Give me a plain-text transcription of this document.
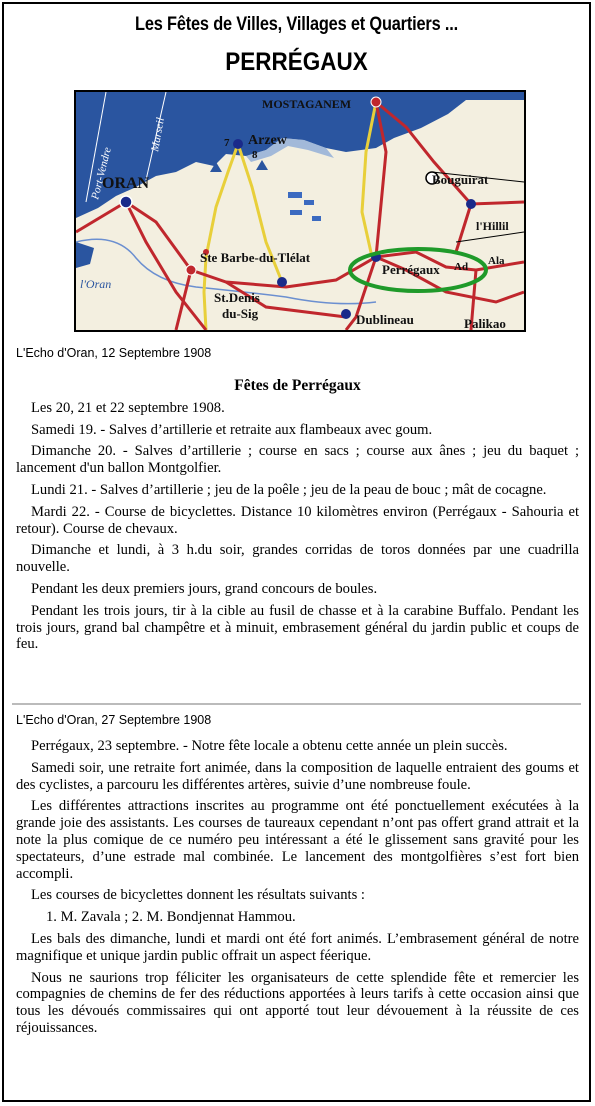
Les Fêtes de Villes, Villages et Quartiers ...
PERRÉGAUX
MOSTAGANEM
Arzew
7
8
ORAN	Bouguirat
l'Hillil
Ste Barbe-du-Tlélat
Perrégaux
St.Denis
du-Sig	Dublineau	Palikao
Ad Ala
Port-Vendre
Marseil
l'Oran
L'Echo d'Oran, 12 Septembre 1908
Fêtes de Perrégaux

Les 20, 21 et 22 septembre 1908.

Samedi 19. - Salves d’artillerie et retraite aux flambeaux avec goum.

Dimanche 20. - Salves d’artillerie ; course en sacs ; course aux ânes ; jeu du baquet ; lancement d'un ballon Montgolfier.

Lundi 21. - Salves d’artillerie ; jeu de la poêle ; jeu de la peau de bouc ; mât de cocagne.

Mardi 22. - Course de bicyclettes. Distance 10 kilomètres environ (Perrégaux - Sahouria et retour). Course de chevaux.

Dimanche et lundi, à 3 h.du soir, grandes corridas de toros données par une cuadrilla nouvelle.

Pendant les deux premiers jours, grand concours de boules.

Pendant les trois jours, tir à la cible au fusil de chasse et à la carabine Buffalo. Pendant les trois jours, grand bal champêtre et à minuit, embrasement général du jardin public et coups de feu.

L'Echo d'Oran, 27 Septembre 1908

Perrégaux, 23 septembre. - Notre fête locale a obtenu cette année un plein succès.

Samedi soir, une retraite fort animée, dans la composition de laquelle entraient des goums et des cyclistes, a parcouru les différentes artères, suivie d’une nombreuse foule.

Les différentes attractions inscrites au programme ont été ponctuellement exécutées à la grande joie des assistants. Les courses de taureaux cependant n’ont pas offert grand attrait et la note la plus comique de ce numéro peu intéressant a été le glissement sans gravité pour les spectateurs, d’une estrade mal combinée. Le lancement des montgolfières s’est fort bien accompli.

Les courses de bicyclettes donnent les résultats suivants :

1. M. Zavala ; 2. M. Bondjennat Hammou.

Les bals des dimanche, lundi et mardi ont été fort animés. L’embrasement général de notre magnifique et unique jardin public offrait un aspect féerique.

Nous ne saurions trop féliciter les organisateurs de cette splendide fête et remercier les compagnies de chemins de fer des réductions apportées à leurs tarifs à cette occasion ainsi que tous les dévoués commissaires qui ont apporté tout leur dévouement à la réussite de ces réjouissances.
